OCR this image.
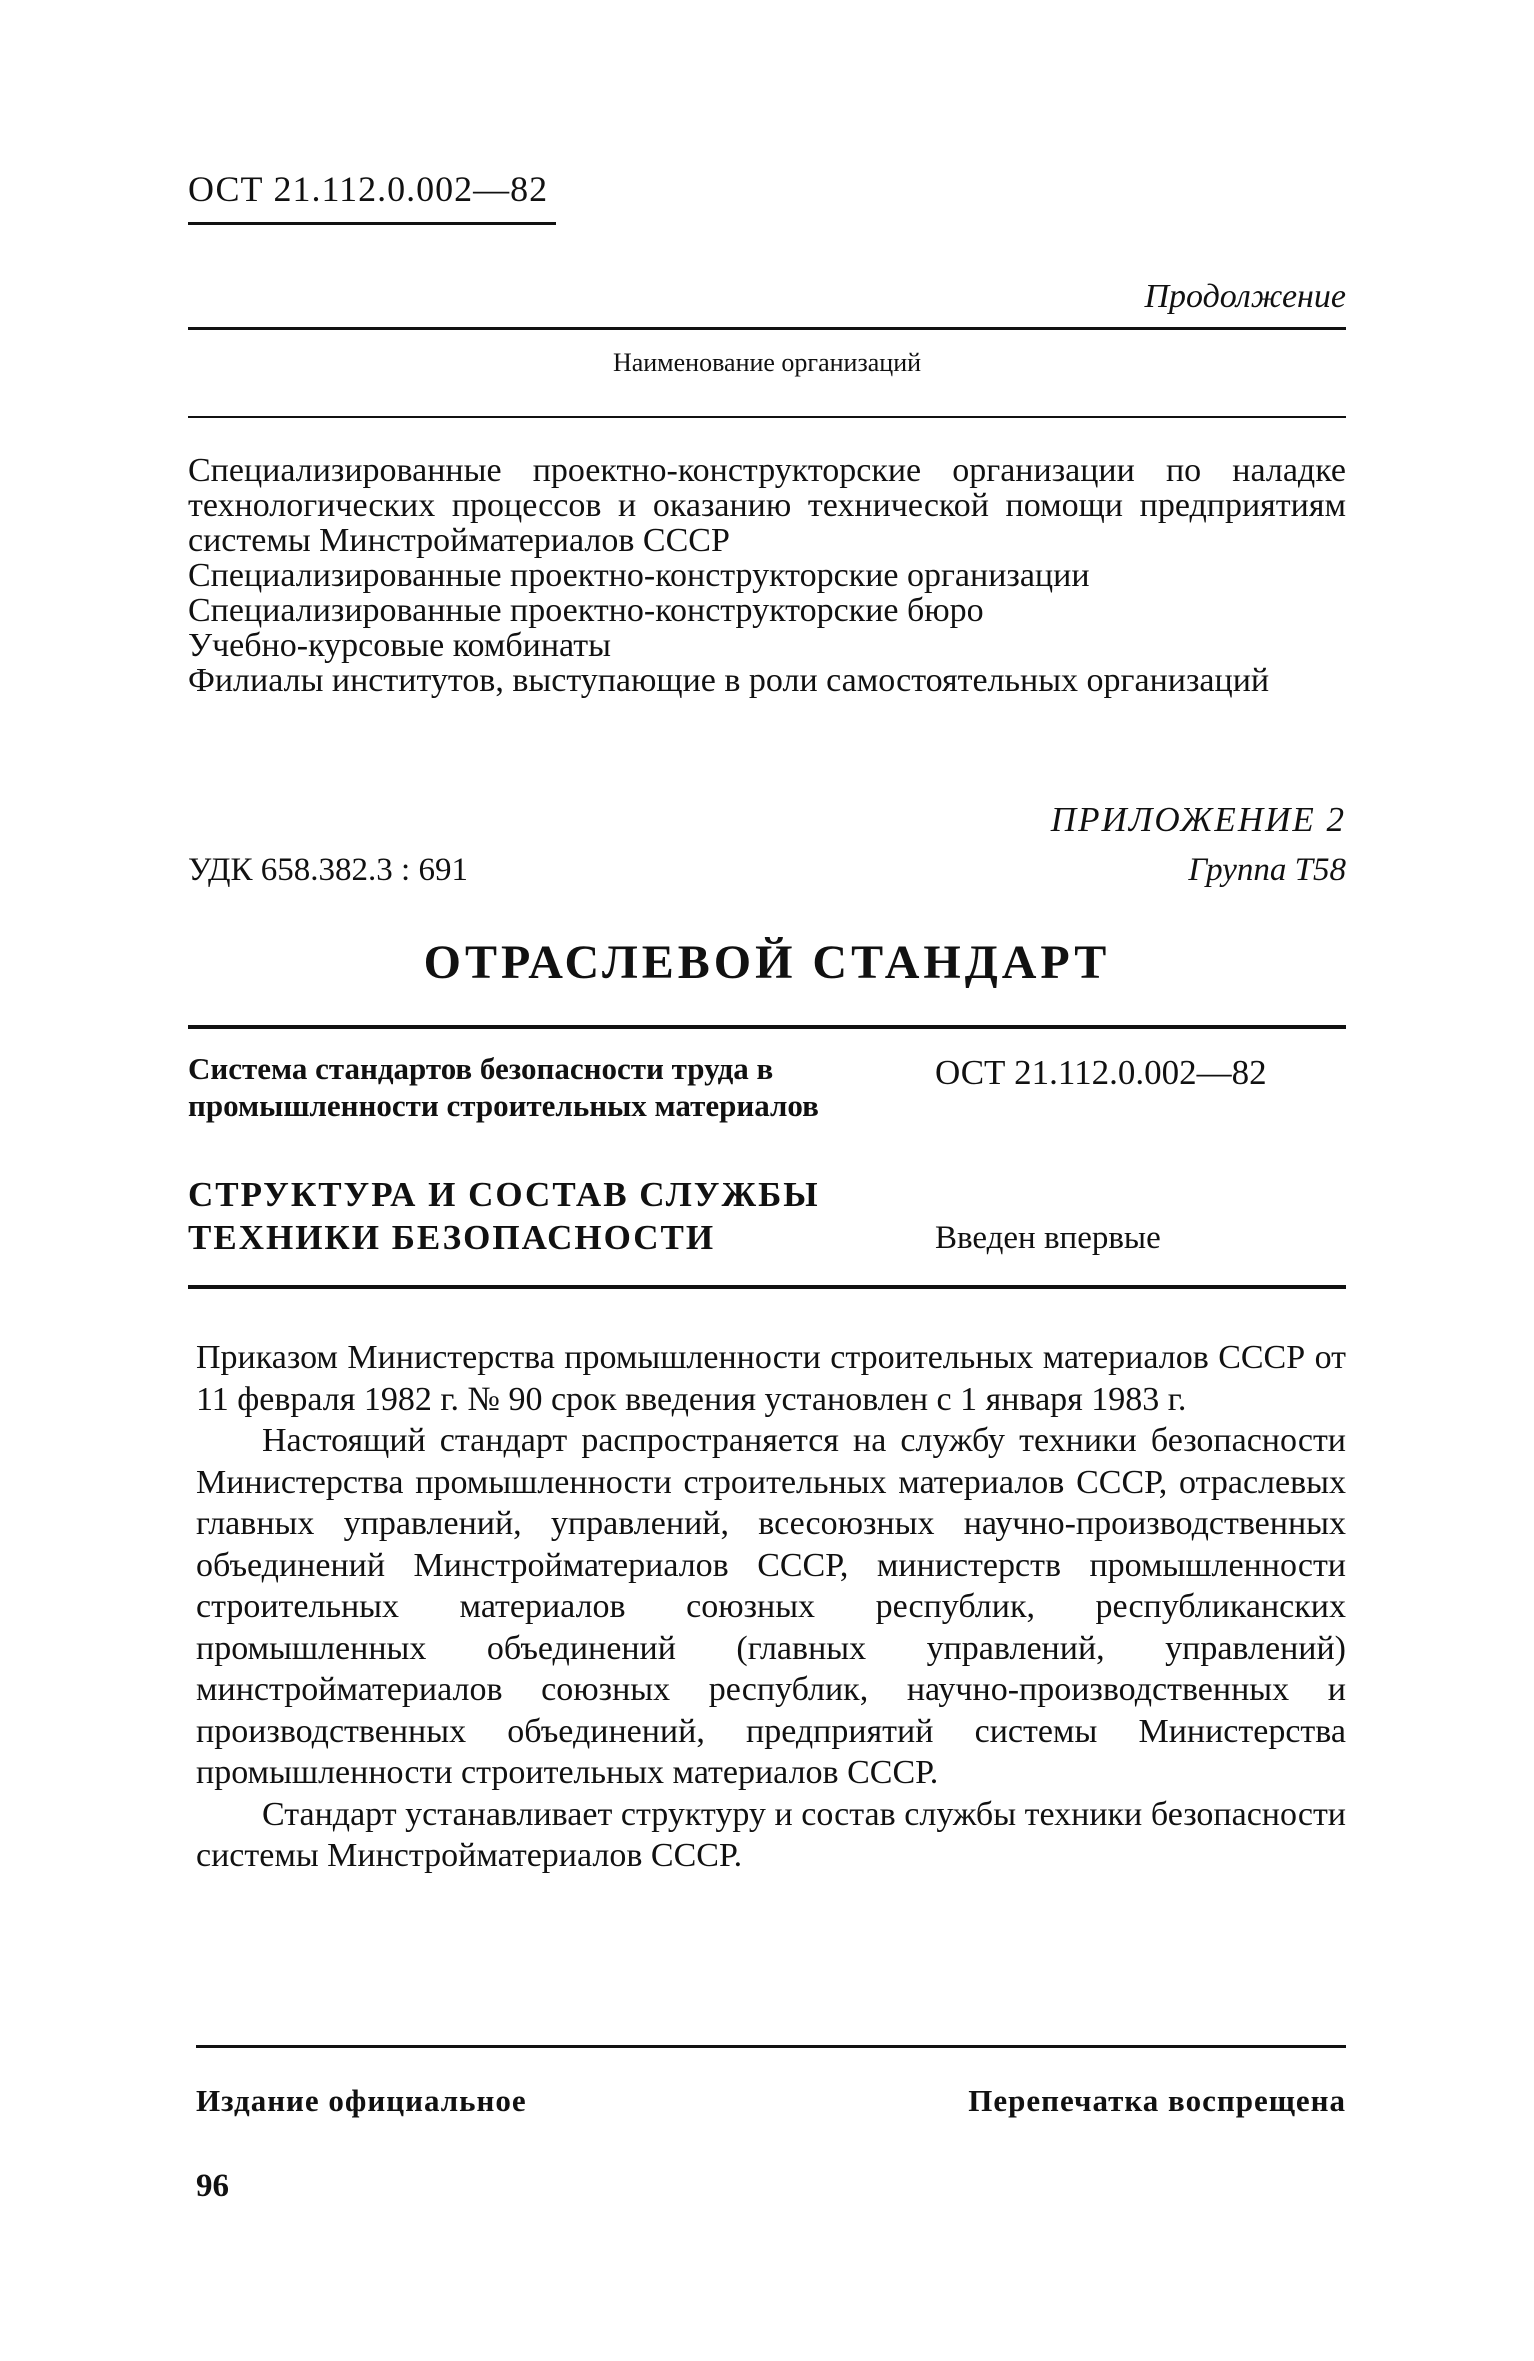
ОСТ 21.112.0.002—82
Продолжение
Наименование организаций

Специализированные проектно-конструкторские организации по наладке технологических процессов и оказанию технической помощи предприятиям системы Минстройматериалов СССР

Специализированные проектно-конструкторские организации

Специализированные проектно-конструкторские бюро

Учебно-курсовые комбинаты

Филиалы институтов, выступающие в роли самостоятельных организаций

ПРИЛОЖЕНИЕ 2
Группа Т58
УДК 658.382.3 : 691
ОТРАСЛЕВОЙ СТАНДАРТ
Система стандартов безопасности труда в промышленности строительных материалов
СТРУКТУРА И СОСТАВ СЛУЖБЫ ТЕХНИКИ БЕЗОПАСНОСТИ
ОСТ 21.112.0.002—82
Введен впервые

Приказом Министерства промышленности строительных материалов СССР от 11 февраля 1982 г. № 90 срок введения установлен с 1 января 1983 г.

Настоящий стандарт распространяется на службу техники безопасности Министерства промышленности строительных материалов СССР, отраслевых главных управлений, управлений, всесоюзных научно-производственных объединений Минстройматериалов СССР, министерств промышленности строительных материалов союзных республик, республиканских промышленных объединений (главных управлений, управлений) минстройматериалов союзных республик, научно-производственных и производственных объединений, предприятий системы Министерства промышленности строительных материалов СССР.

Стандарт устанавливает структуру и состав службы техники безопасности системы Минстройматериалов СССР.

Издание официальное	Перепечатка воспрещена
96
